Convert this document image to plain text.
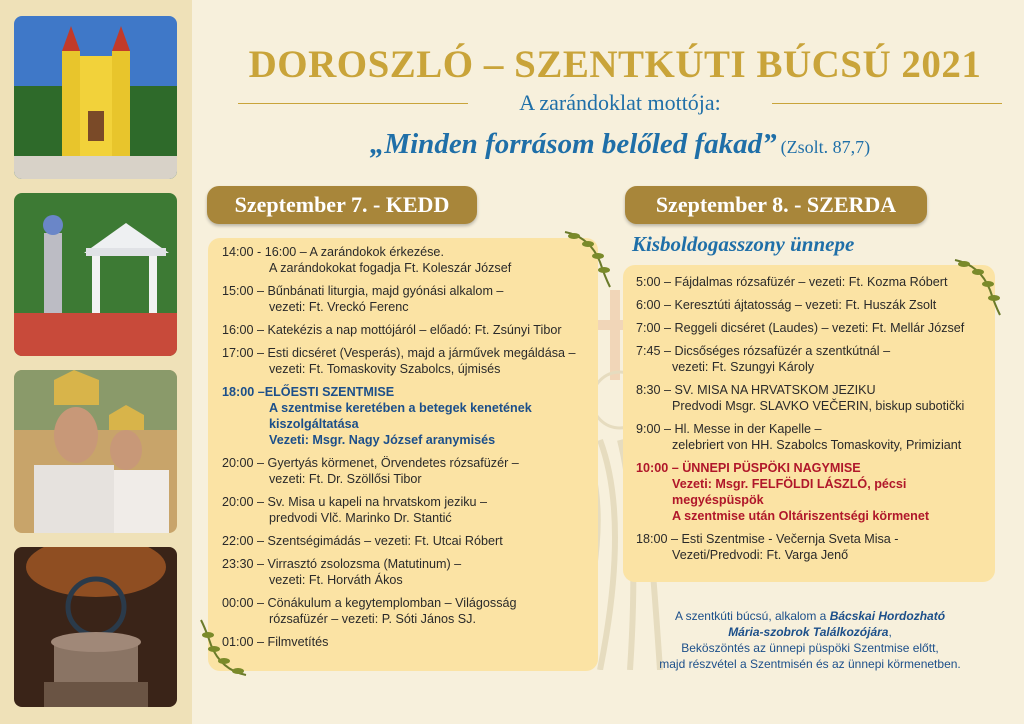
DOROSZLÓ – SZENTKÚTI BÚCSÚ 2021
A zarándoklat mottója:
„Minden forrásom belőled fakad” (Zsolt. 87,7)
Szeptember 7. - KEDD
14:00 - 16:00 – A zarándokok érkezése.
A zarándokokat fogadja Ft. Koleszár József
15:00 – Bűnbánati liturgia, majd gyónási alkalom –
vezeti: Ft. Vreckó Ferenc
16:00 – Katekézis a nap mottójáról – előadó: Ft. Zsúnyi Tibor
17:00 – Esti dicséret (Vesperás), majd a járművek megáldása –
vezeti: Ft. Tomaskovity Szabolcs, újmisés
18:00 –ELŐESTI SZENTMISE
A szentmise keretében a betegek kenetének
kiszolgáltatása
Vezeti: Msgr. Nagy József aranymisés
20:00 – Gyertyás körmenet, Örvendetes rózsafüzér –
vezeti: Ft. Dr. Szöllősi Tibor
20:00 – Sv. Misa u kapeli na hrvatskom jeziku –
predvodi Vlč. Marinko Dr. Stantić
22:00 – Szentségimádás – vezeti: Ft. Utcai Róbert
23:30 – Virrasztó zsolozsma (Matutinum) –
vezeti: Ft. Horváth Ákos
00:00 – Cönákulum a kegytemplomban – Világosság
rózsafüzér – vezeti: P. Sóti János SJ.
01:00 – Filmvetítés
Szeptember 8. - SZERDA
Kisboldogasszony ünnepe
5:00 – Fájdalmas rózsafüzér – vezeti: Ft. Kozma Róbert
6:00 – Keresztúti ájtatosság – vezeti: Ft. Huszák Zsolt
7:00 – Reggeli dicséret (Laudes) – vezeti: Ft. Mellár József
7:45 – Dicsőséges rózsafüzér a szentkútnál –
vezeti: Ft. Szungyi Károly
8:30 – SV. MISA NA HRVATSKOM JEZIKU
Predvodi Msgr. SLAVKO VEČERIN, biskup subotički
9:00 – Hl. Messe in der Kapelle –
zelebriert von HH. Szabolcs Tomaskovity, Primiziant
10:00 – ÜNNEPI PÜSPÖKI NAGYMISE
Vezeti: Msgr. FELFÖLDI LÁSZLÓ, pécsi
megyéspüspök
A szentmise után Oltáriszentségi körmenet
18:00 – Esti Szentmise - Večernja Sveta Misa -
Vezeti/Predvodi: Ft. Varga Jenő
A szentkúti búcsú, alkalom a Bácskai Hordozható
Mária-szobrok Találkozójára,
Beköszöntés az ünnepi püspöki Szentmise előtt,
majd részvétel a Szentmisén és az ünnepi körmenetben.
